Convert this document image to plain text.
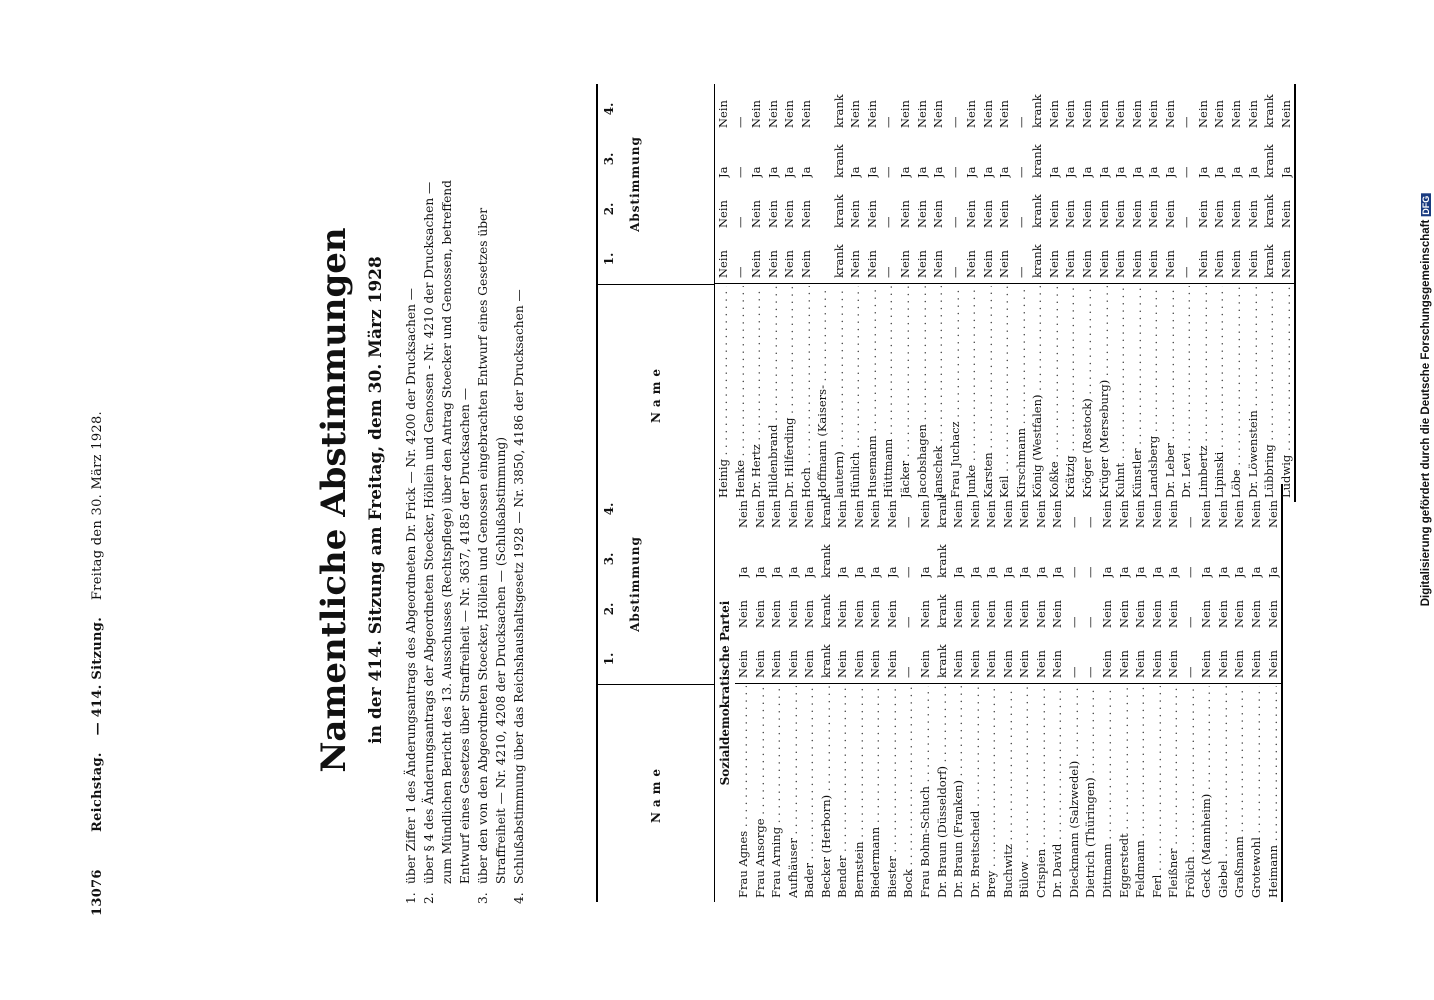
13076
Reichstag. — 414. Sitzung. Freitag den 30. März 1928.	Namentliche Abstimmungen in der 414. Sitzung am Freitag, dem 30. März 1928
1.
über Ziffer 1 des Änderungsantrags des Abgeordneten Dr. Frick — Nr. 4200 der Drucksachen —
2.
über § 4 des Änderungsantrags der Abgeordneten Stoecker, Höllein und Genossen - Nr. 4210 der Drucksachen — zum Mündlichen Bericht des 13. Ausschusses (Rechtspflege) über den Antrag Stoecker und Genossen, betreffend Entwurf eines Gesetzes über Straffreiheit — Nr. 3637, 4185 der Drucksachen —
3.
über den von den Abgeordneten Stoecker, Höllein und Genossen eingebrachten Entwurf eines Gesetzes über Straffreiheit — Nr. 4210, 4208 der Drucksachen — (Schlußabstimmung)
4.
Schlußabstimmung über das Reichshaushaltsgesetz 1928 — Nr. 3850, 4186 der Drucksachen —	Name
1.
2.
3.
4.
Abstimmung
Sozialdemokratische Partei
Frau Agnes . . .
Nein
Nein
Ja
Nein
Frau Ansorge . . .
Nein
Nein
Ja
Nein
Frau Arning . . .
Nein
Nein
Ja
Nein
Aufhäuser . . .
Nein
Nein
Ja
Nein
Bader . . .
Nein
Nein
Ja
Nein
Becker (Herborn) . . .
krank
krank
krank
krank
Bender . . .
Nein
Nein
Ja
Nein
Bernstein . . .
Nein
Nein
Ja
Nein
Biedermann . . .
Nein
Nein
Ja
Nein
Biester . . .
Nein
Nein
Ja
Nein
Bock . . .
—
—
—
—
Frau Bohm-Schuch . . .
Nein
Nein
Ja
Nein
Dr. Braun (Düsseldorf) . . .
krank
krank
krank
krank
Dr. Braun (Franken) . . .
Nein
Nein
Ja
Nein
Dr. Breitscheid . . .
Nein
Nein
Ja
Nein
Brey . . .
Nein
Nein
Ja
Nein
Buchwitz . . .
Nein
Nein
Ja
Nein
Bülow . . .
Nein
Nein
Ja
Nein
Crispien . . .
Nein
Nein
Ja
Nein
Dr. David . . .
Nein
Nein
Ja
Nein
Dieckmann (Salzwedel) . . .
—
—
—
—
Dietrich (Thüringen) . . .
—
—
—
—
Dittmann . . .
Nein
Nein
Ja
Nein
Eggerstedt . . .
Nein
Nein
Ja
Nein
Feldmann . . .
Nein
Nein
Ja
Nein
Ferl . . .
Nein
Nein
Ja
Nein
Fleißner . . .
Nein
Nein
Ja
Nein
Frölich . . .
—
—
—
—
Geck (Mannheim) . . .
Nein
Nein
Ja
Nein
Giebel . . .
Nein
Nein
Ja
Nein
Graßmann . . .
Nein
Nein
Ja
Nein
Grotewohl . . .
Nein
Nein
Ja
Nein
Heimann . . .
Nein
Nein
Ja
Nein
Name
1.
2.
3.
4.
Abstimmung
Heinig . . .
Nein
Nein
Ja
Nein
Henke . . .
—
—
—
—
Dr. Hertz . . .
Nein
Nein
Ja
Nein
Hildenbrand . . .
Nein
Nein
Ja
Nein
Dr. Hilferding . . .
Nein
Nein
Ja
Nein
Hoch . . .
Nein
Nein
Ja
Nein
Hoffmann (Kaisers- . . . lautern) . . .
krank
krank
krank
krank
Hünlich . . .
Nein
Nein
Ja
Nein
Husemann . . .
Nein
Nein
Ja
Nein
Hüttmann . . .
—
—
—
—
Jäcker . . .
Nein
Nein
Ja
Nein
Jacobshagen . . .
Nein
Nein
Ja
Nein
Janschek . . .
Nein
Nein
Ja
Nein
Frau Juchacz . . .
—
—
—
—
Junke . . .
Nein
Nein
Ja
Nein
Karsten . . .
Nein
Nein
Ja
Nein
Keil . . .
Nein
Nein
Ja
Nein
Kirschmann . . .
—
—
—
—
König (Westfalen) . . .
krank
krank
krank
krank
Koßke . . .
Nein
Nein
Ja
Nein
Krätzig . . .
Nein
Nein
Ja
Nein
Kröger (Rostock) . . .
Nein
Nein
Ja
Nein
Krüger (Merseburg) . . .
Nein
Nein
Ja
Nein
Kuhnt . . .
Nein
Nein
Ja
Nein
Künstler . . .
Nein
Nein
Ja
Nein
Landsberg . . .
Nein
Nein
Ja
Nein
Dr. Leber . . .
Nein
Nein
Ja
Nein
Dr. Levi . . .
—
—
—
—
Limbertz . . .
Nein
Nein
Ja
Nein
Lipinski . . .
Nein
Nein
Ja
Nein
Löbe . . .
Nein
Nein
Ja
Nein
Dr. Löwenstein . . .
Nein
Nein
Ja
Nein
Lübbring . . .
krank
krank
krank
krank
Ludwig . . .
Nein
Nein
Ja
Nein
Digitalisierung gefördert durch die Deutsche ForschungsgemeinschaftDFG
